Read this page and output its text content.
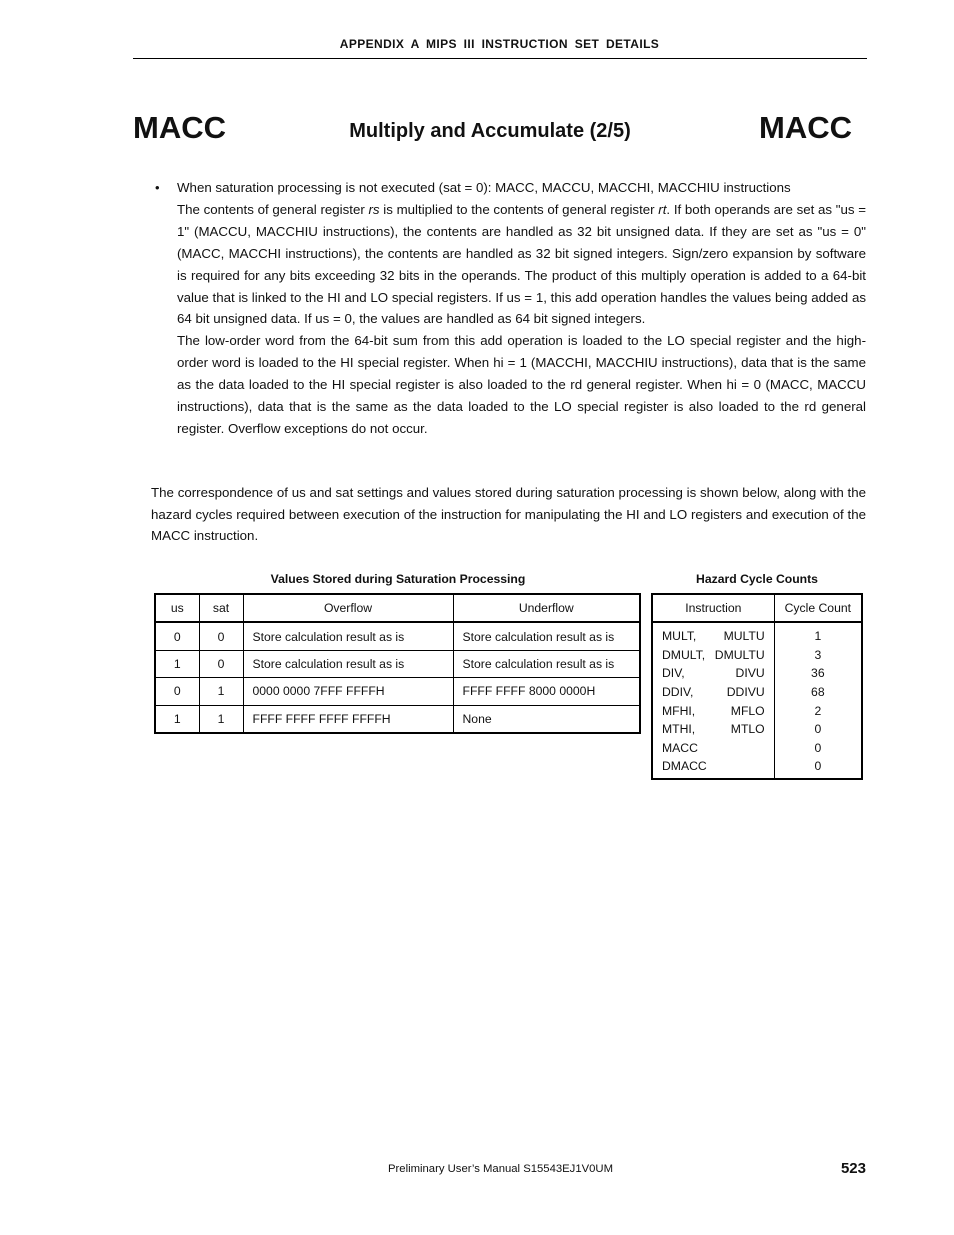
APPENDIX A MIPS III INSTRUCTION SET DETAILS
MACC	Multiply and Accumulate (2/5)	MACC
• When saturation processing is not executed (sat = 0): MACC, MACCU, MACCHI, MACCHIU instructions

The contents of general register rs is multiplied to the contents of general register rt. If both operands are set as "us = 1" (MACCU, MACCHIU instructions), the contents are handled as 32 bit unsigned data. If they are set as "us = 0" (MACC, MACCHI instructions), the contents are handled as 32 bit signed integers. Sign/zero expansion by software is required for any bits exceeding 32 bits in the operands. The product of this multiply operation is added to a 64-bit value that is linked to the HI and LO special registers. If us = 1, this add operation handles the values being added as 64 bit unsigned data. If us = 0, the values are handled as 64 bit signed integers.

The low-order word from the 64-bit sum from this add operation is loaded to the LO special register and the high-order word is loaded to the HI special register. When hi = 1 (MACCHI, MACCHIU instructions), data that is the same as the data loaded to the HI special register is also loaded to the rd general register. When hi = 0 (MACC, MACCU instructions), data that is the same as the data loaded to the LO special register is also loaded to the rd general register. Overflow exceptions do not occur.

The correspondence of us and sat settings and values stored during saturation processing is shown below, along with the hazard cycles required between execution of the instruction for manipulating the HI and LO registers and execution of the MACC instruction.
Values Stored during Saturation Processing
us	sat	Overflow	Underflow
0	0	Store calculation result as is	Store calculation result as is
1	0	Store calculation result as is	Store calculation result as is
0	1	0000 0000 7FFF FFFFH	FFFF FFFF 8000 0000H
1	1	FFFF FFFF FFFF FFFFH	None
Hazard Cycle Counts
Instruction	Cycle Count

MULT, MULTU	1

DMULT, DMULTU	3

DIV, DIVU	36

DDIV, DDIVU	68

MFHI, MFLO	2

MTHI, MTLO	0

MACC	0

DMACC	0
Preliminary User’s Manual S15543EJ1V0UM	523
